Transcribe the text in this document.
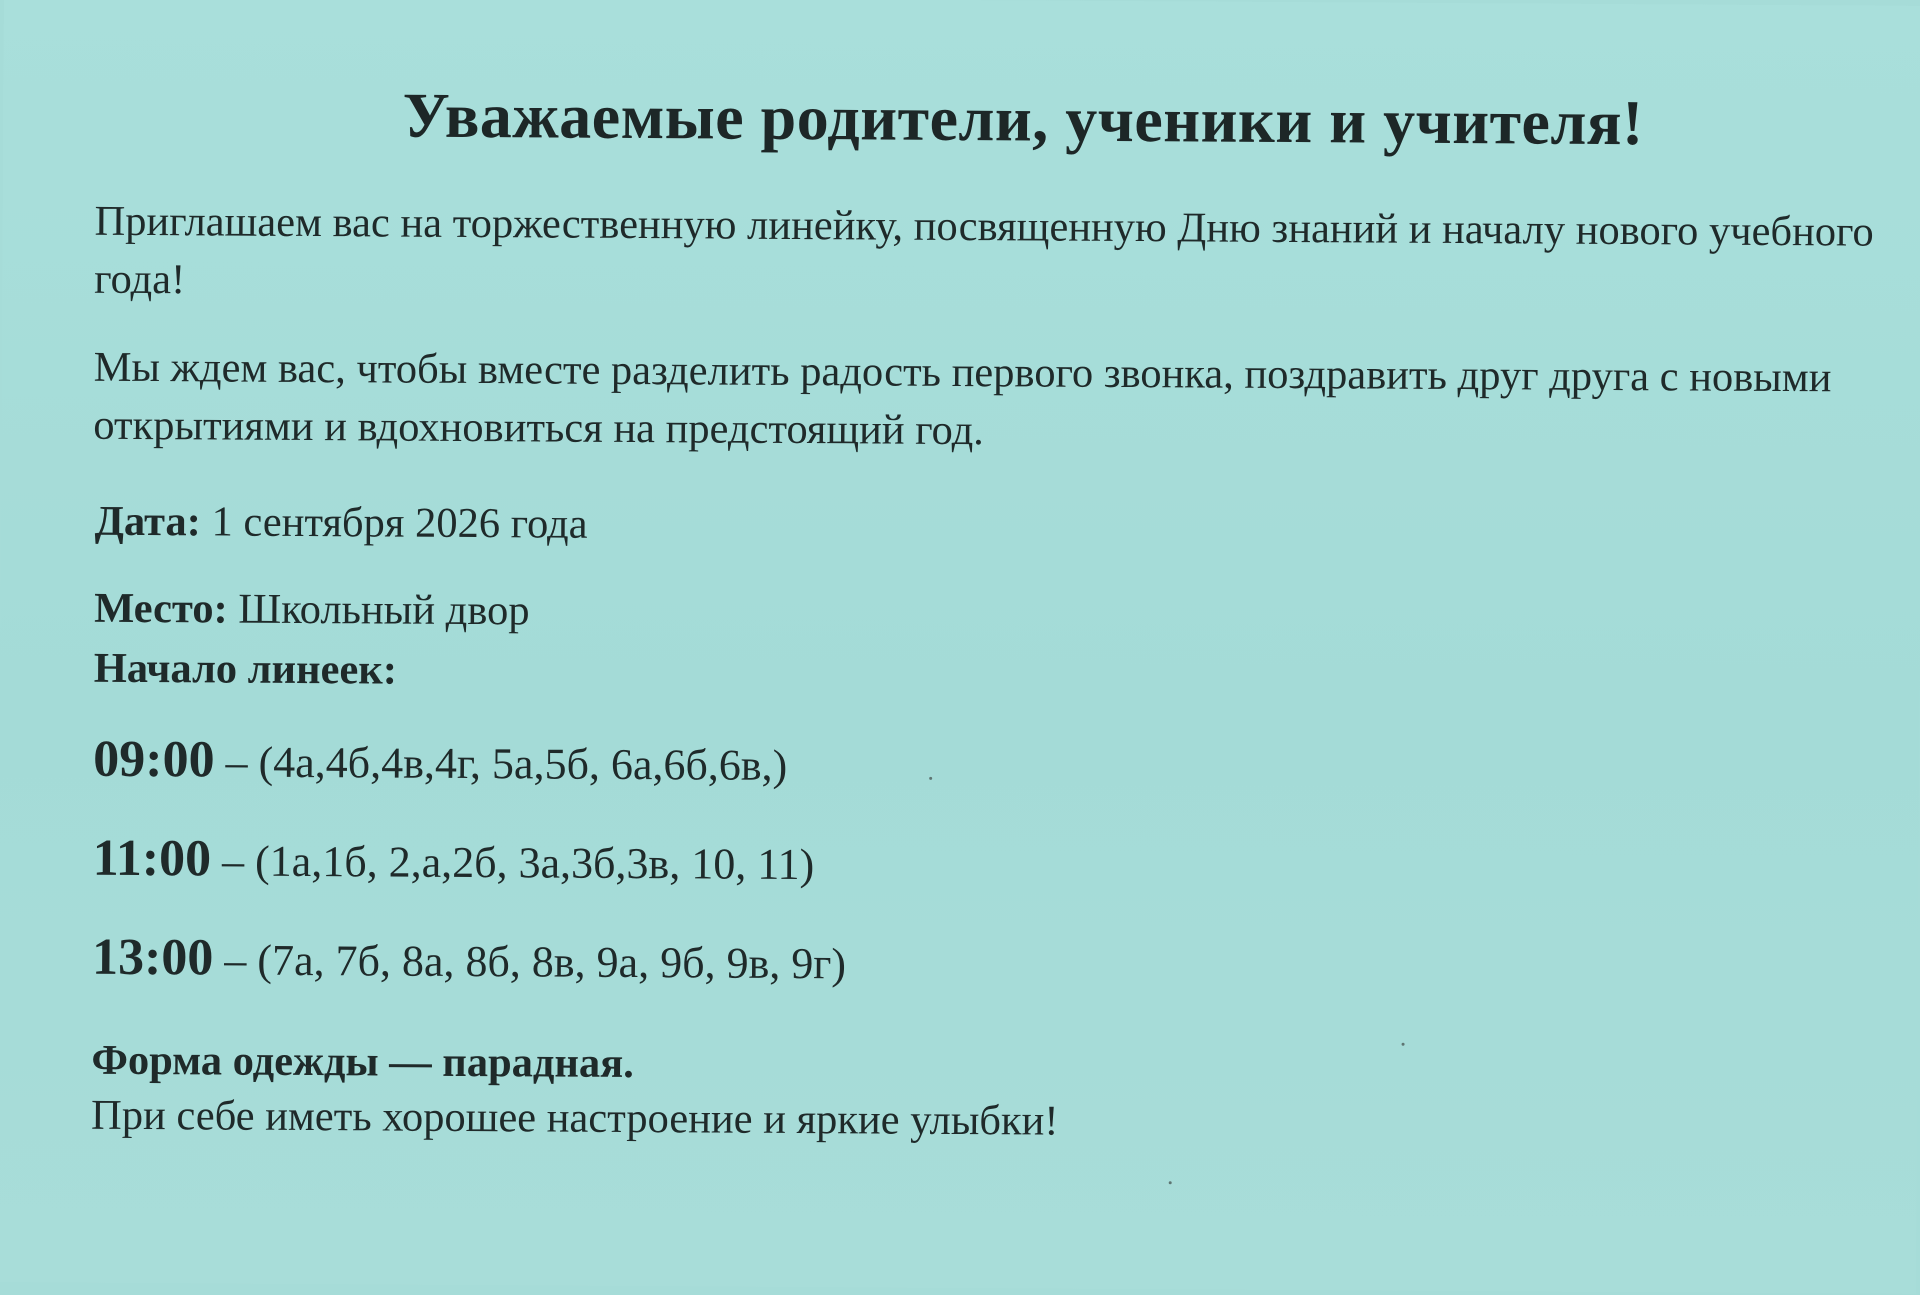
Уважаемые родители, ученики и учителя!

Приглашаем вас на торжественную линейку, посвященную Дню знаний и началу нового учебного года!

Мы ждем вас, чтобы вместе разделить радость первого звонка, поздравить друг друга с новыми открытиями и вдохновиться на предстоящий год.

Дата: 1 сентября 2026 года

Место: Школьный двор

Начало линеек:

09:00 – (4а,4б,4в,4г, 5а,5б, 6а,6б,6в,)

11:00 – (1а,1б, 2,а,2б, 3а,3б,3в, 10, 11)

13:00 – (7а, 7б, 8а, 8б, 8в, 9а, 9б, 9в, 9г)

Форма одежды — парадная.

При себе иметь хорошее настроение и яркие улыбки!
